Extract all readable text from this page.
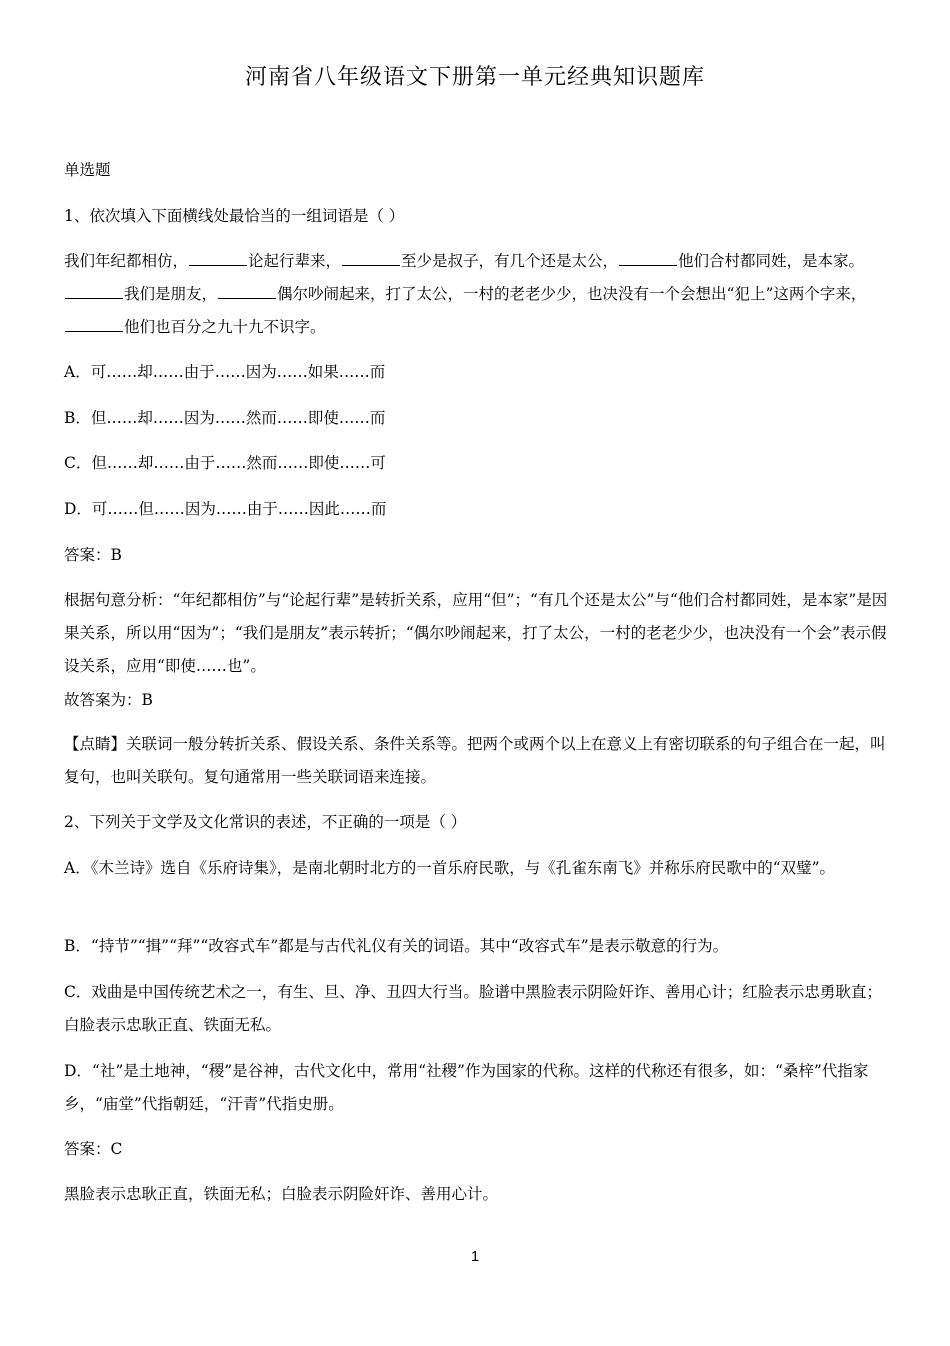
河南省八年级语文下册第一单元经典知识题库
单选题
1、依次填入下面横线处最恰当的一组词语是（ ）
我们年纪都相仿，	论起行辈来，	至少是叔子，有几个还是太公，	他们合村都同姓，是本家。我们是朋友，	偶尔吵闹起来，打了太公，一村的老老少少，也决没有一个会想出“犯上”这两个字来，他们也百分之九十九不识字。
A．可……却……由于……因为……如果……而
B．但……却……因为……然而……即使……而
C．但……却……由于……然而……即使……可
D．可……但……因为……由于……因此……而
答案：B
根据句意分析：“年纪都相仿”与“论起行辈”是转折关系，应用“但”；“有几个还是太公”与“他们合村都同姓，是本家”是因果关系，所以用“因为”；“我们是朋友”表示转折；“偶尔吵闹起来，打了太公，一村的老老少少，也决没有一个会”表示假设关系，应用“即使……也”。
故答案为：B
【点睛】关联词一般分转折关系、假设关系、条件关系等。把两个或两个以上在意义上有密切联系的句子组合在一起，叫复句，也叫关联句。复句通常用一些关联词语来连接。
2、下列关于文学及文化常识的表述，不正确的一项是（ ）
A．《木兰诗》选自《乐府诗集》，是南北朝时北方的一首乐府民歌，与《孔雀东南飞》并称乐府民歌中的“双璧”。
B．“持节”“揖”“拜”“改容式车”都是与古代礼仪有关的词语。其中“改容式车”是表示敬意的行为。
C．戏曲是中国传统艺术之一，有生、旦、净、丑四大行当。脸谱中黑脸表示阴险奸诈、善用心计；红脸表示忠勇耿直；白脸表示忠耿正直、铁面无私。
D．“社”是土地神，“稷”是谷神，古代文化中，常用“社稷”作为国家的代称。这样的代称还有很多，如：“桑梓”代指家乡，“庙堂”代指朝廷，“汗青”代指史册。
答案：C
黑脸表示忠耿正直，铁面无私；白脸表示阴险奸诈、善用心计。
1
